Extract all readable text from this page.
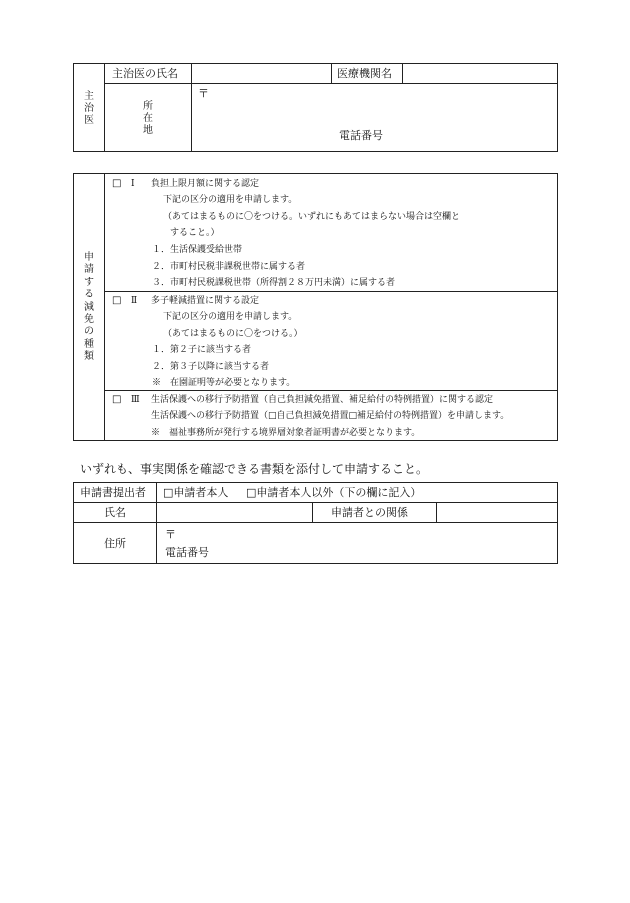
主治医
主治医の氏名	医療機関名
所在地
〒
電話番号
申請する減免の種類
□ Ⅰ 負担上限月額に関する認定
下記の区分の適用を申請します。
（あてはまるものに〇をつける。いずれにもあてはまらない場合は空欄と
すること。）
１．生活保護受給世帯
２．市町村民税非課税世帯に属する者
３．市町村民税課税世帯（所得割２８万円未満）に属する者
□ Ⅱ 多子軽減措置に関する設定
下記の区分の適用を申請します。
（あてはまるものに〇をつける。）
１．第２子に該当する者
２．第３子以降に該当する者
※　在園証明等が必要となります。
□ Ⅲ 生活保護への移行予防措置（自己負担減免措置、補足給付の特例措置）に関する認定
生活保護への移行予防措置（□自己負担減免措置□補足給付の特例措置）を申請します。
※　福祉事務所が発行する境界層対象者証明書が必要となります。
いずれも、事実関係を確認できる書類を添付して申請すること。
申請書提出者 □申請者本人 □申請者本人以外（下の欄に記入）
氏名	申請者との関係
住所
〒
電話番号
